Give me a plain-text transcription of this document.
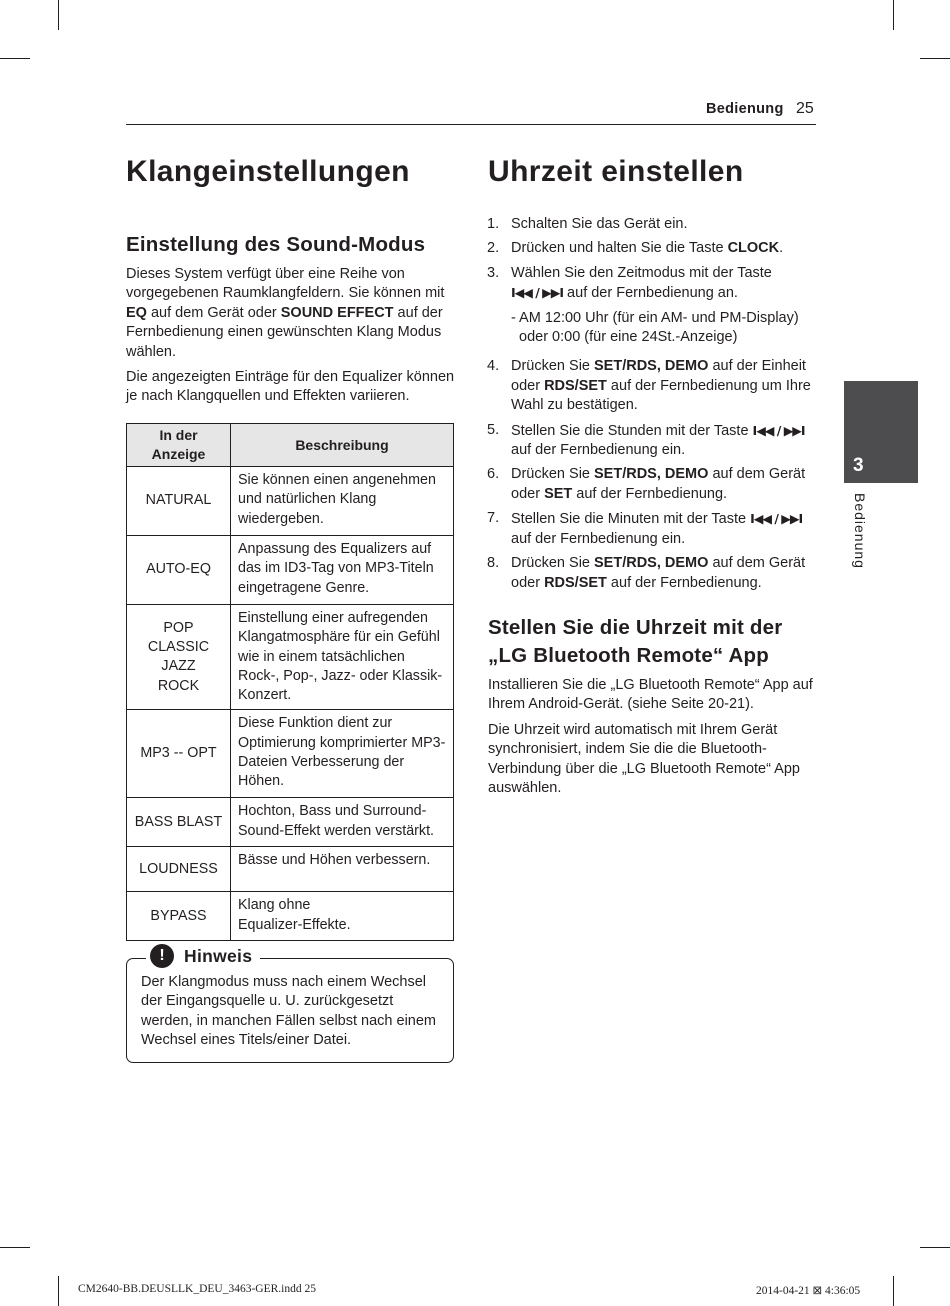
Bedienung 25
Klangeinstellungen
Einstellung des Sound-Modus

Dieses System verfügt über eine Reihe von vorgegebenen Raumklangfeldern. Sie können mit EQ auf dem Gerät oder SOUND EFFECT auf der Fernbedienung einen gewünschten Klang Modus wählen.

Die angezeigten Einträge für den Equalizer können je nach Klangquellen und Effekten variieren.

In der
Anzeige	Beschreibung
NATURAL	Sie können einen angenehmen und natürlichen Klang wiedergeben.
AUTO-EQ	Anpassung des Equalizers auf das im ID3-Tag von MP3-Titeln eingetragene Genre.
POP
CLASSIC
JAZZ
ROCK	Einstellung einer aufregenden Klangatmosphäre für ein Gefühl wie in einem tatsächlichen Rock-, Pop-, Jazz- oder Klassik-Konzert.
MP3 -- OPT	Diese Funktion dient zur Optimierung komprimierter MP3-Dateien Verbesserung der Höhen.
BASS BLAST	Hochton, Bass und Surround-Sound-Effekt werden verstärkt.
LOUDNESS	Bässe und Höhen verbessern.
BYPASS	Klang ohne
Equalizer-Effekte.

Der Klangmodus muss nach einem Wechsel der Eingangsquelle u. U. zurückgesetzt werden, in manchen Fällen selbst nach einem Wechsel eines Titels/einer Datei.

!	Hinweis
Uhrzeit einstellen
1. Schalten Sie das Gerät ein.
2. Drücken und halten Sie die Taste CLOCK.
3. Wählen Sie den Zeitmodus mit der Taste
I◀◀ / ▶▶I auf der Fernbedienung an.
- AM 12:00 Uhr (für ein AM- und PM-Display)
oder 0:00 (für eine 24St.-Anzeige)
4. Drücken Sie SET/RDS, DEMO auf der Einheit oder RDS/SET auf der Fernbedienung um Ihre Wahl zu bestätigen.
5. Stellen Sie die Stunden mit der Taste I◀◀ / ▶▶I auf der Fernbedienung ein.
6. Drücken Sie SET/RDS, DEMO auf dem Gerät oder SET auf der Fernbedienung.
7. Stellen Sie die Minuten mit der Taste I◀◀ / ▶▶I auf der Fernbedienung ein.
8. Drücken Sie SET/RDS, DEMO auf dem Gerät oder RDS/SET auf der Fernbedienung.
Stellen Sie die Uhrzeit mit der
„LG Bluetooth Remote“ App

Installieren Sie die „LG Bluetooth Remote“ App auf Ihrem Android-Gerät. (siehe Seite 20-21).

Die Uhrzeit wird automatisch mit Ihrem Gerät synchronisiert, indem Sie die die Bluetooth-Verbindung über die „LG Bluetooth Remote“ App auswählen.

3
Bedienung
CM2640-BB.DEUSLLK_DEU_3463-GER.indd 25	2014-04-21 ⊠ 4:36:05
